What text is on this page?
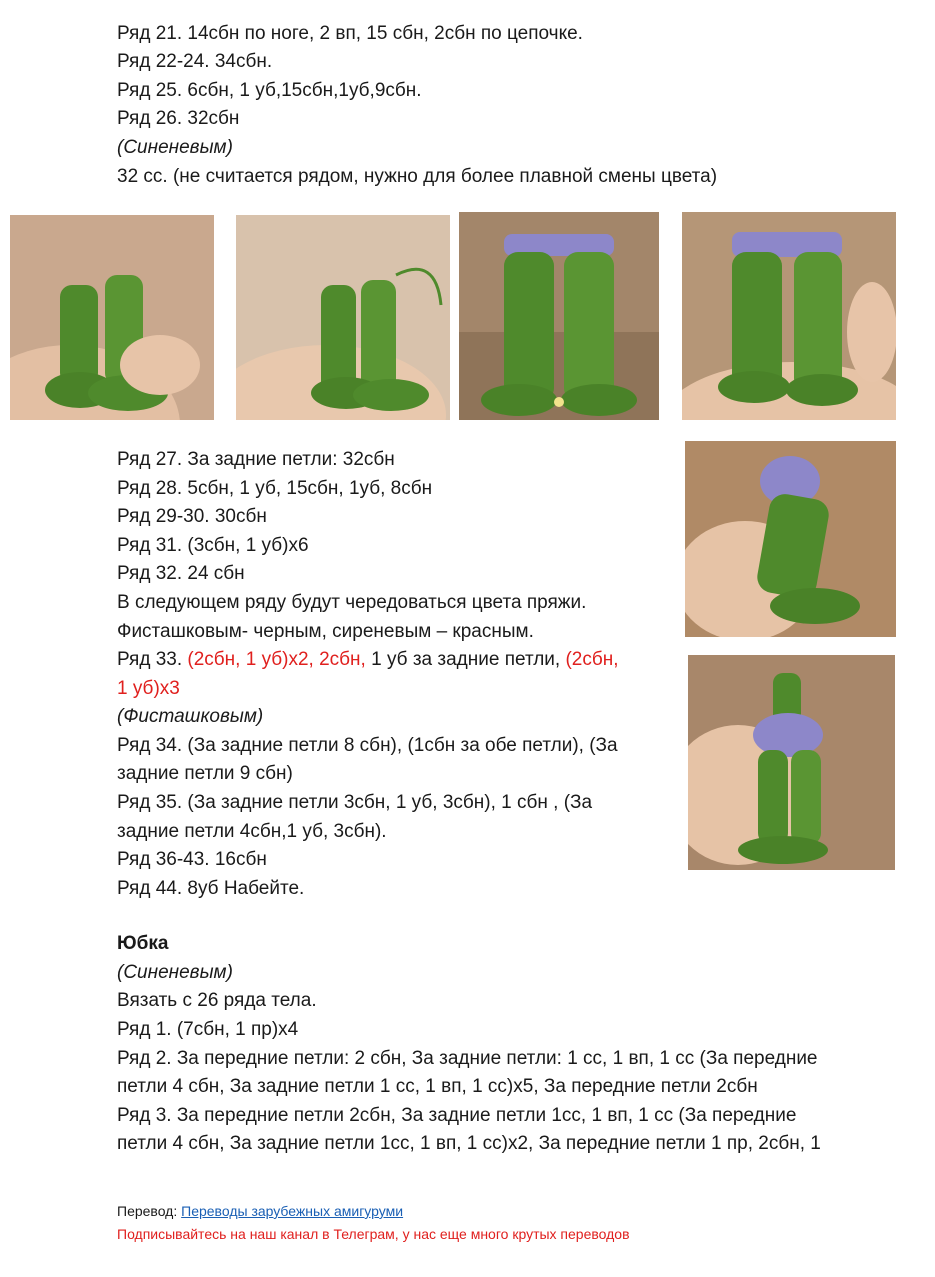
Ряд 21. 14сбн по ноге, 2 вп, 15 сбн, 2сбн по цепочке.
Ряд 22-24. 34сбн.
Ряд 25. 6сбн, 1 уб,15сбн,1уб,9сбн.
Ряд 26. 32сбн
(Синеневым)
32 сс. (не считается рядом, нужно для более плавной смены цвета)
Ряд 27. За задние петли: 32сбн
Ряд 28. 5сбн, 1 уб, 15сбн, 1уб, 8сбн
Ряд 29-30. 30сбн
Ряд 31. (3сбн, 1 уб)х6
Ряд 32. 24 сбн
В следующем ряду будут чередоваться цвета пряжи.
Фисташковым- черным, сиреневым – красным.
Ряд 33. (2сбн, 1 уб)х2, 2сбн, 1 уб за задние петли, (2сбн,
1 уб)х3
(Фисташковым)
Ряд 34. (За задние петли 8 сбн), (1сбн за обе петли), (За
задние петли 9 сбн)
Ряд 35. (За задние петли 3сбн, 1 уб, 3сбн), 1 сбн , (За
задние петли 4сбн,1 уб, 3сбн).
Ряд 36-43. 16сбн
Ряд 44. 8уб Набейте.
Юбка
(Синеневым)
Вязать с 26 ряда тела.
Ряд 1. (7сбн, 1 пр)х4
Ряд 2. За передние петли: 2 сбн, За задние петли: 1 сс, 1 вп, 1 сс (За передние
петли 4 сбн, За задние петли 1 сс, 1 вп, 1 сс)х5, За передние петли 2сбн
Ряд 3. За передние петли 2сбн, За задние петли 1сс, 1 вп, 1 сс (За передние
петли 4 сбн, За задние петли 1сс, 1 вп, 1 сс)х2, За передние петли 1 пр, 2сбн, 1
Перевод: Переводы зарубежных амигуруми
Подписывайтесь на наш канал в Телеграм, у нас еще много крутых переводов
